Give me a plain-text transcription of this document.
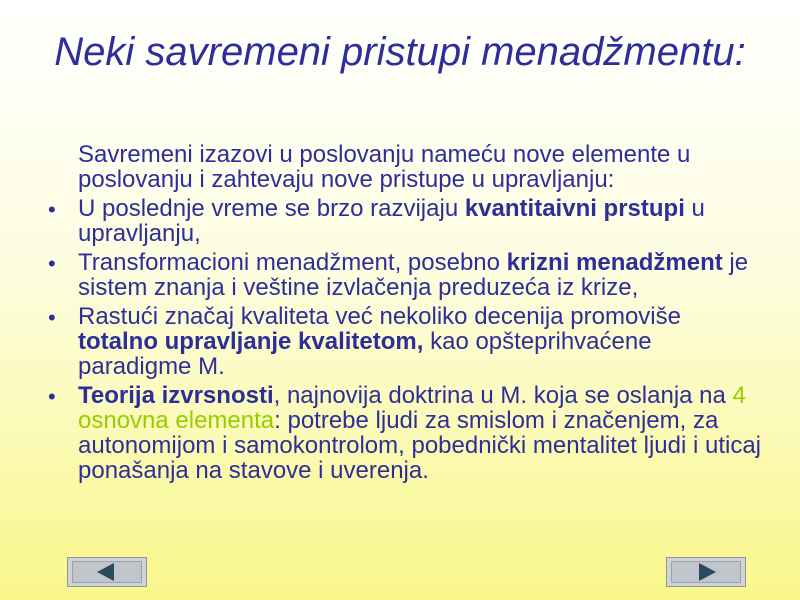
Neki savremeni pristupi menadžmentu:
Savremeni izazovi u poslovanju nameću nove elemente u poslovanju i zahtevaju nove pristupe u upravljanju:
• U poslednje vreme se brzo razvijaju kvantitaivni prstupi u upravljanju,
• Transformacioni menadžment, posebno krizni menadžment je sistem znanja i veštine izvlačenja preduzeća iz krize,
• Rastući značaj kvaliteta već nekoliko decenija promoviše totalno upravljanje kvalitetom, kao opšteprihvaćene paradigme M.
• Teorija izvrsnosti, najnovija doktrina u M. koja se oslanja na 4 osnovna elementa: potrebe ljudi za smislom i značenjem, za autonomijom i samokontrolom, pobednički mentalitet ljudi i uticaj ponašanja na stavove i uverenja.
